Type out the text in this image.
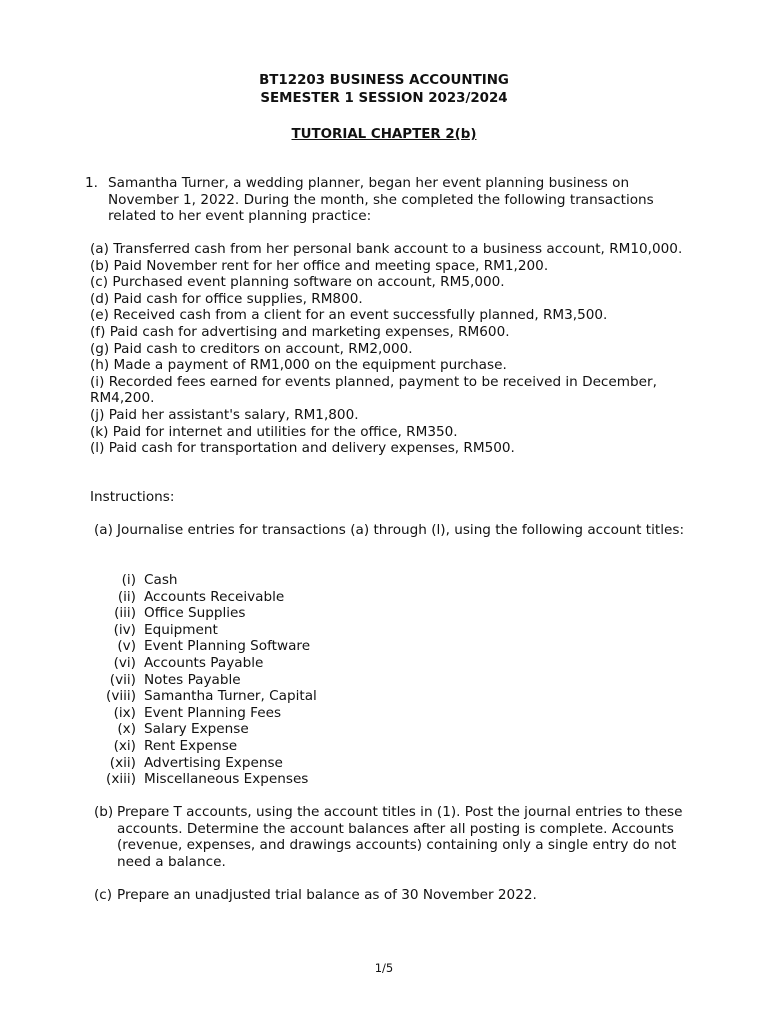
BT12203 BUSINESS ACCOUNTING
SEMESTER 1 SESSION 2023/2024
TUTORIAL CHAPTER 2(b)
1. Samantha Turner, a wedding planner, began her event planning business on November 1, 2022. During the month, she completed the following transactions related to her event planning practice:
(a) Transferred cash from her personal bank account to a business account, RM10,000.
(b) Paid November rent for her office and meeting space, RM1,200.
(c) Purchased event planning software on account, RM5,000.
(d) Paid cash for office supplies, RM800.
(e) Received cash from a client for an event successfully planned, RM3,500.
(f) Paid cash for advertising and marketing expenses, RM600.
(g) Paid cash to creditors on account, RM2,000.
(h) Made a payment of RM1,000 on the equipment purchase.
(i) Recorded fees earned for events planned, payment to be received in December, RM4,200.
(j) Paid her assistant's salary, RM1,800.
(k) Paid for internet and utilities for the office, RM350.
(l) Paid cash for transportation and delivery expenses, RM500.
Instructions:
(a) Journalise entries for transactions (a) through (l), using the following account titles:
(i) Cash
(ii) Accounts Receivable
(iii) Office Supplies
(iv) Equipment
(v) Event Planning Software
(vi) Accounts Payable
(vii) Notes Payable
(viii) Samantha Turner, Capital
(ix) Event Planning Fees
(x) Salary Expense
(xi) Rent Expense
(xii) Advertising Expense
(xiii) Miscellaneous Expenses
(b) Prepare T accounts, using the account titles in (1). Post the journal entries to these accounts. Determine the account balances after all posting is complete. Accounts (revenue, expenses, and drawings accounts) containing only a single entry do not need a balance.
(c) Prepare an unadjusted trial balance as of 30 November 2022.
1/5
